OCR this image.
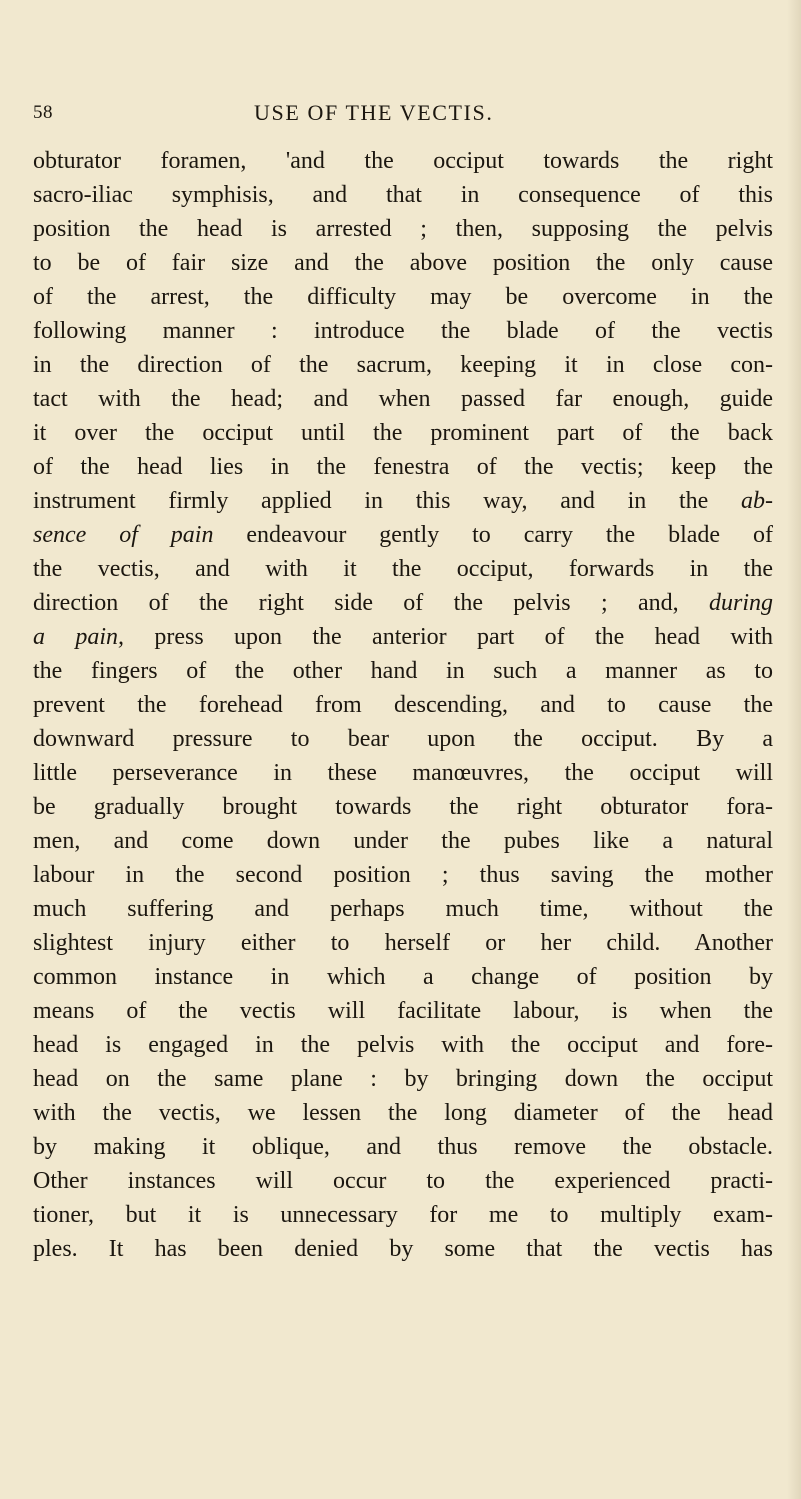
58	USE OF THE VECTIS.
obturator foramen, 'and the occiput towards the right
sacro-iliac symphisis, and that in consequence of this
position the head is arrested ; then, supposing the pelvis
to be of fair size and the above position the only cause
of the arrest, the difficulty may be overcome in the
following manner : introduce the blade of the vectis
in the direction of the sacrum, keeping it in close con-
tact with the head; and when passed far enough, guide
it over the occiput until the prominent part of the back
of the head lies in the fenestra of the vectis; keep the
instrument firmly applied in this way, and in the ab-
sence of pain endeavour gently to carry the blade of
the vectis, and with it the occiput, forwards in the
direction of the right side of the pelvis ; and, during
a pain, press upon the anterior part of the head with
the fingers of the other hand in such a manner as to
prevent the forehead from descending, and to cause the
downward pressure to bear upon the occiput. By a
little perseverance in these manœuvres, the occiput will
be gradually brought towards the right obturator fora-
men, and come down under the pubes like a natural
labour in the second position ; thus saving the mother
much suffering and perhaps much time, without the
slightest injury either to herself or her child. Another
common instance in which a change of position by
means of the vectis will facilitate labour, is when the
head is engaged in the pelvis with the occiput and fore-
head on the same plane : by bringing down the occiput
with the vectis, we lessen the long diameter of the head
by making it oblique, and thus remove the obstacle.
Other instances will occur to the experienced practi-
tioner, but it is unnecessary for me to multiply exam-
ples. It has been denied by some that the vectis has
